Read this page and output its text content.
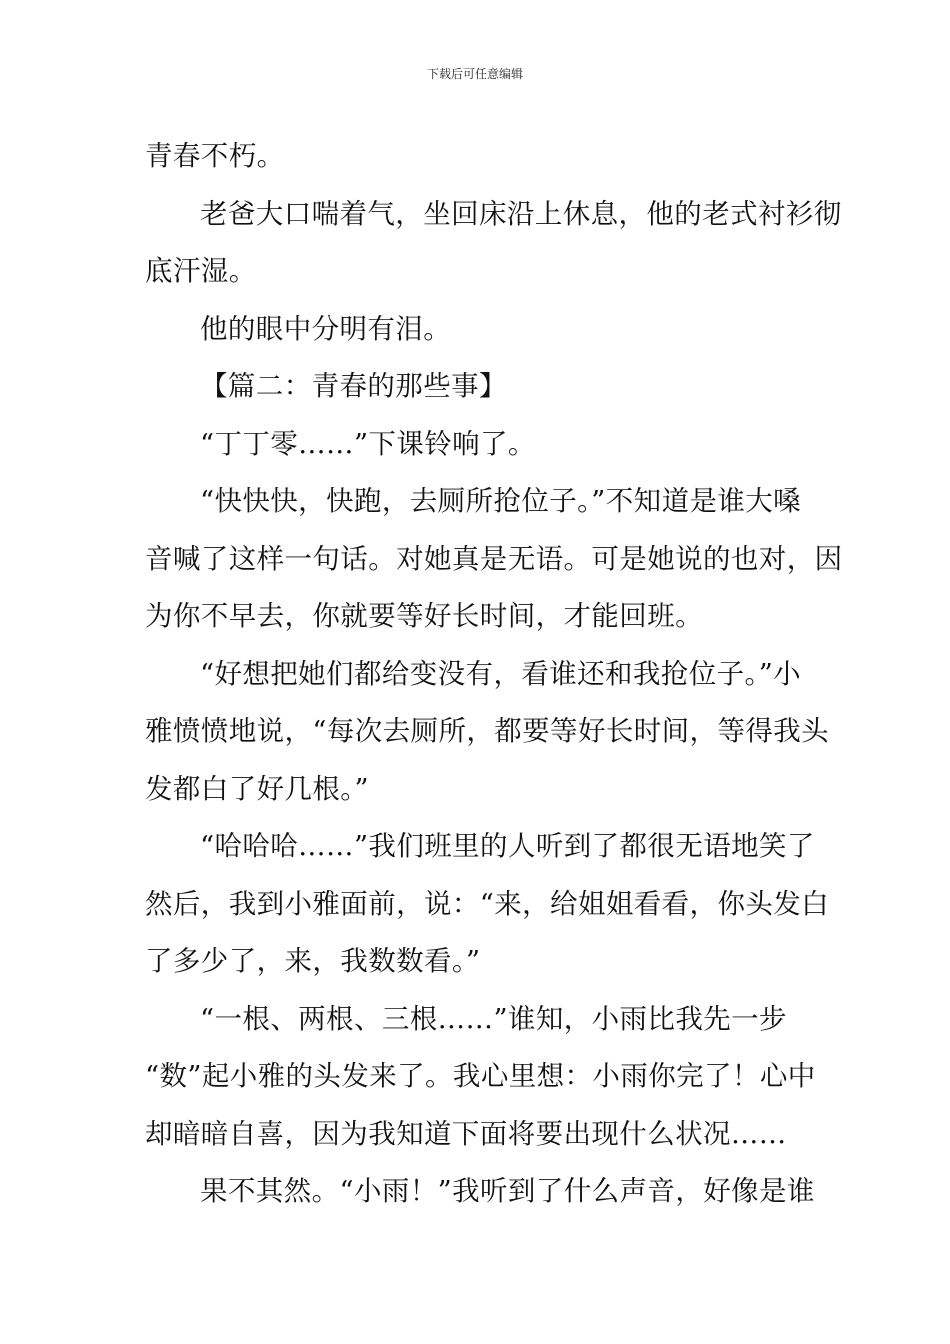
下载后可任意编辑
青春不朽。
老爸大口喘着气，坐回床沿上休息，他的老式衬衫彻
底汗湿。
他的眼中分明有泪。
【篇二：青春的那些事】
“丁丁零……”下课铃响了。
“快快快，快跑，去厕所抢位子。”不知道是谁大嗓
音喊了这样一句话。对她真是无语。可是她说的也对，因
为你不早去，你就要等好长时间，才能回班。
“好想把她们都给变没有，看谁还和我抢位子。”小
雅愤愤地说，“每次去厕所，都要等好长时间，等得我头
发都白了好几根。”
“哈哈哈……”我们班里的人听到了都很无语地笑了
然后，我到小雅面前，说：“来，给姐姐看看，你头发白
了多少了，来，我数数看。”
“一根、两根、三根……”谁知，小雨比我先一步
“数”起小雅的头发来了。我心里想：小雨你完了！心中
却暗暗自喜，因为我知道下面将要出现什么状况……
果不其然。“小雨！”我听到了什么声音，好像是谁
